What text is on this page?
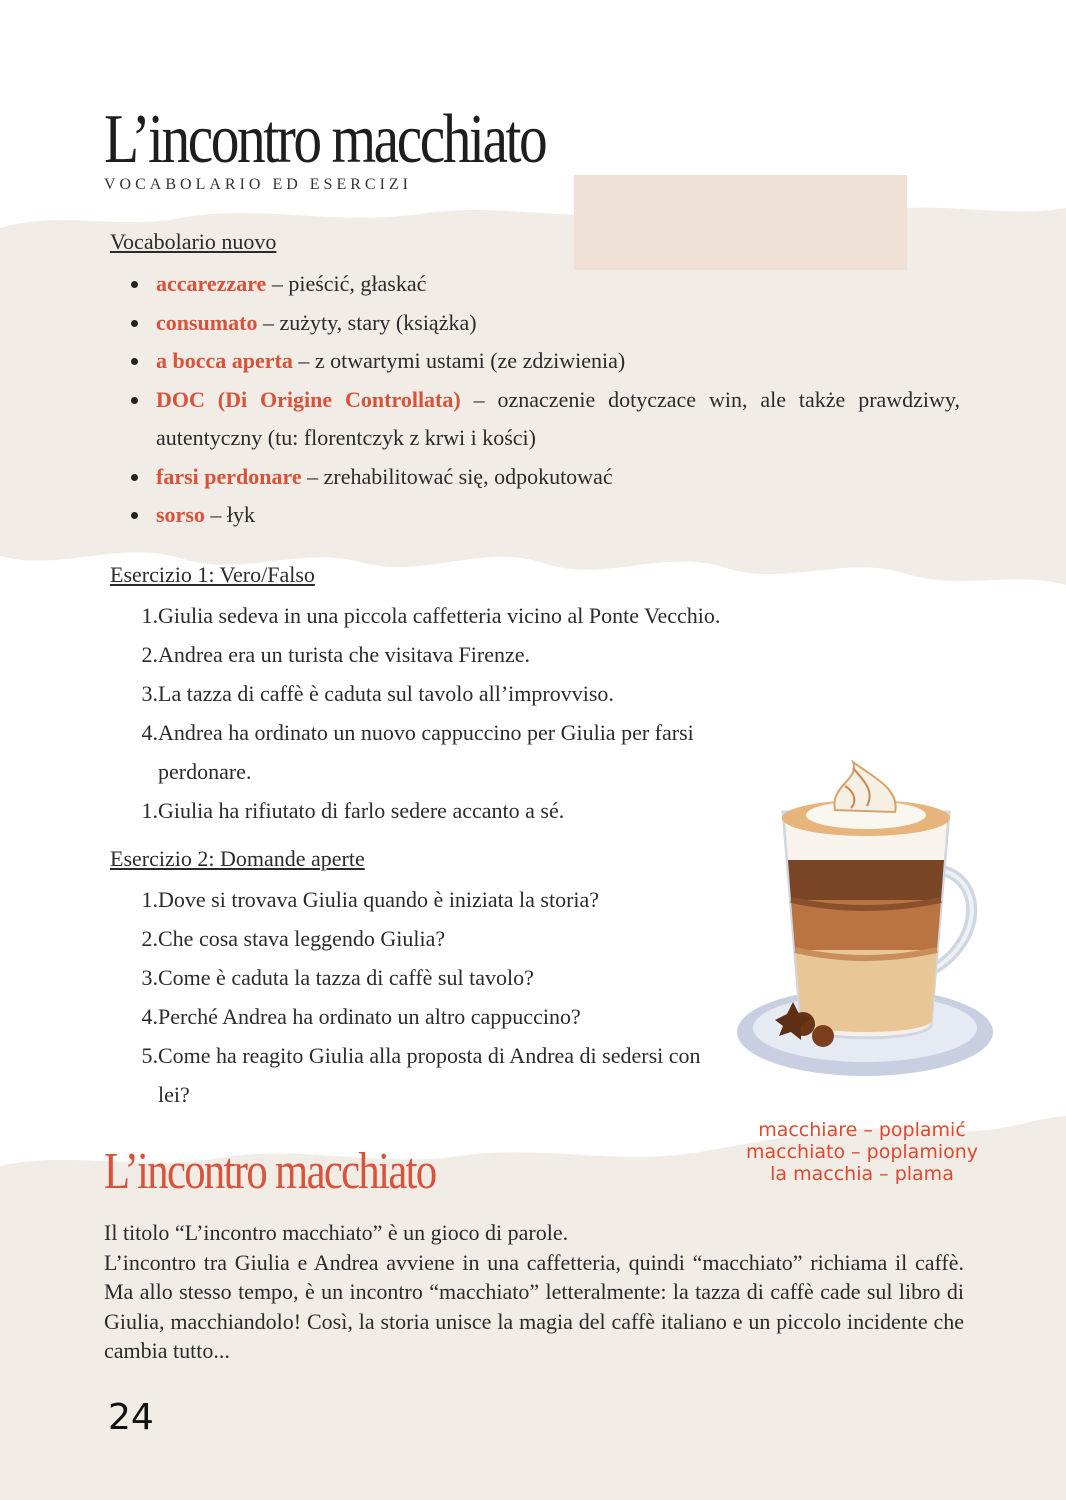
L’incontro macchiato
VOCABOLARIO ED ESERCIZI
Vocabolario nuovo
accarezzare – pieścić, głaskać
consumato – zużyty, stary (książka)
a bocca aperta – z otwartymi ustami (ze zdziwienia)
DOC (Di Origine Controllata) – oznaczenie dotyczace win, ale także prawdziwy, autentyczny (tu: florentczyk z krwi i kości)
farsi perdonare – zrehabilitować się, odpokutować
sorso – łyk
Esercizio 1: Vero/Falso
1. Giulia sedeva in una piccola caffetteria vicino al Ponte Vecchio.
2. Andrea era un turista che visitava Firenze.
3. La tazza di caffè è caduta sul tavolo all’improvviso.
4. Andrea ha ordinato un nuovo cappuccino per Giulia per farsi perdonare.
1. Giulia ha rifiutato di farlo sedere accanto a sé.
Esercizio 2: Domande aperte
1. Dove si trovava Giulia quando è iniziata la storia?
2. Che cosa stava leggendo Giulia?
3. Come è caduta la tazza di caffè sul tavolo?
4. Perché Andrea ha ordinato un altro cappuccino?
5. Come ha reagito Giulia alla proposta di Andrea di sedersi con lei?
macchiare – poplamić
macchiato – poplamiony
la macchia – plama
L’incontro macchiato
Il titolo “L’incontro macchiato” è un gioco di parole.
L’incontro tra Giulia e Andrea avviene in una caffetteria, quindi “macchiato” richiama il caffè. Ma allo stesso tempo, è un incontro “macchiato” letteralmente: la tazza di caffè cade sul libro di Giulia, macchiandolo! Così, la storia unisce la magia del caffè italiano e un piccolo incidente che cambia tutto...
24
